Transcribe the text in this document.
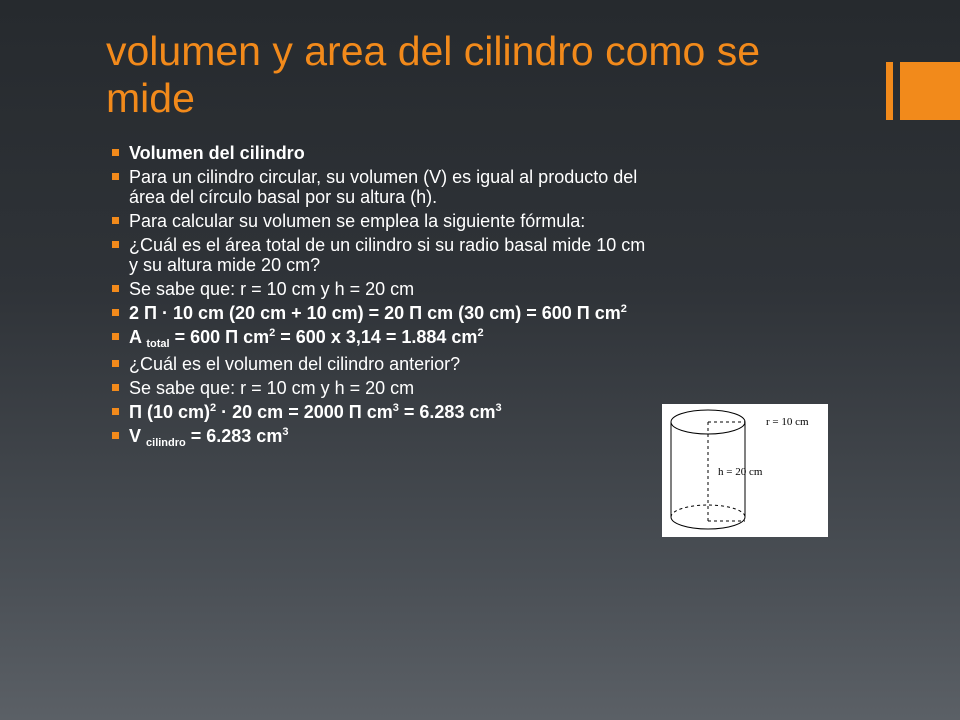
volumen y area del cilindro como se mide
Volumen del cilindro
Para un cilindro circular, su volumen (V) es igual al producto del área del círculo basal por su altura (h).
Para calcular su volumen se emplea la siguiente fórmula:
¿Cuál es el área total de un cilindro si su radio basal mide 10 cm y su altura mide 20 cm?
Se sabe que: r = 10 cm y h = 20 cm
2 Π · 10 cm (20 cm + 10 cm) = 20 Π cm (30 cm) = 600 Π $cm^2$
A $_{total}$ = 600 Π $cm^2 = 600$ x 3,14 = 1.884 $cm^2$
¿Cuál es el volumen del cilindro anterior?
Se sabe que: r = 10 cm y h = 20 cm
Π (10 cm)$^2$ · 20 cm = 2000 Π $cm^3 = 6.283$ $cm^3$
V $_{cilindro}$ = 6.283 $cm^3$
r = 10 cm
h = 20 cm
